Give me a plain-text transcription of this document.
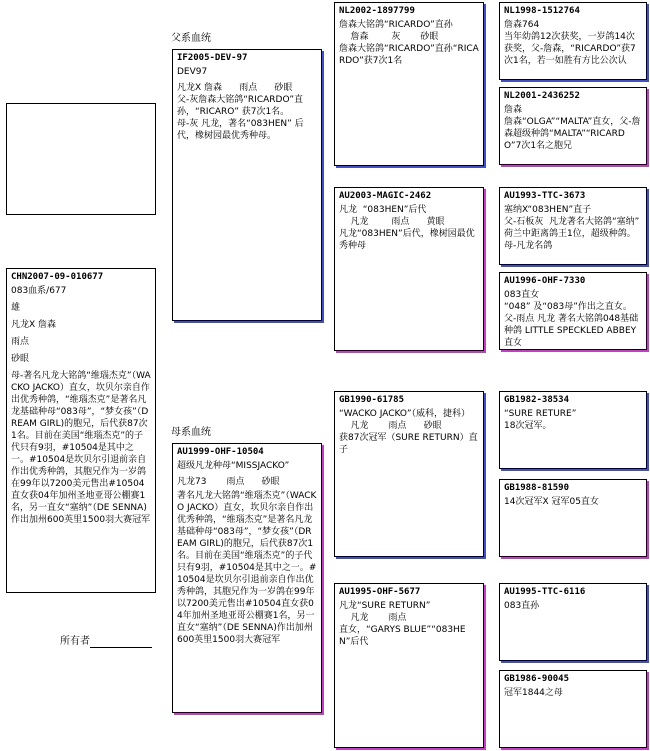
父系血统
母系血统
CHN2007-09-010677
083血系/677
雄
凡龙X 詹森
雨点
砂眼
母-著名凡龙大铭鸽“维瑙杰克”（WACKO JACKO）直女，坎贝尔亲自作出优秀种鸽，“维瑙杰克”是著名凡龙基础种母“083母”，“梦女孩”（DREAM GIRL)的胞兄，后代获87次1名。目前在美国“维瑙杰克”的子代只有9羽，#10504是其中之一。#10504是坎贝尔引退前亲自作出优秀种鸽，其胞兄作为一岁鸽在99年以7200美元售出#10504直女获04年加州圣地亚哥公棚赛1名，另一直女“塞纳”（DE SENNA)作出加州600英里1500羽大赛冠军
所有者
IF2005-DEV-97
DEV97
凡龙X 詹森      雨点      砂眼
父-灰詹森大铭鸽“RICARDO”直孙，“RICARO” 获7次1名。
母-灰 凡龙，著名“083HEN” 后代，橡树园最优秀种母。
AU1999-OHF-10504
超级凡龙种母“MISSJACKO”
凡龙73       雨点      砂眼
著名凡龙大铭鸽“维瑙杰克”（WACKO JACKO）直女，坎贝尔亲自作出优秀种鸽，“维瑙杰克”是著名凡龙基础种母“083母”，“梦女孩”（DREAM GIRL)的胞兄，后代获87次1名。目前在美国“维瑙杰克”的子代只有9羽，#10504是其中之一。#10504是坎贝尔引退前亲自作出优秀种鸽，其胞兄作为一岁鸽在99年以7200美元售出#10504直女获04年加州圣地亚哥公棚赛1名，另一直女“塞纳”（DE SENNA)作出加州600英里1500羽大赛冠军
NL2002-1897799
詹森大铭鸽“RICARDO”直孙
詹森        灰       砂眼
詹森大铭鸽“RICARDO”直孙“RICARDO”获7次1名
AU2003-MAGIC-2462
凡龙  “083HEN”后代
凡龙        雨点      黄眼
凡龙“083HEN”后代，橡树园最优秀种母
GB1990-61785
“WACKO JACKO”（威科，捷科）
凡龙       雨点      砂眼
获87次冠军（SURE RETURN）直子
AU1995-OHF-5677
凡龙“SURE RETURN”
凡龙       雨点
直女，“GARYS BLUE”“083HEN”后代
NL1998-1512764
詹森764
当年幼鸽12次获奖，一岁鸽14次获奖，父-詹森，“RICARDO”获7次1名，若一如胜有方比公次认
NL2001-2436252
詹森
詹森“OLGA”“MALTA”直女，父-詹森超级种鸽“MALTA”“RICARDO”7次1名之胞兄
AU1993-TTC-3673
塞纳X“083HEN”直子
父-石板灰  凡龙著名大铭鸽“塞纳” 荷兰中距离鸽王1位，超级种鸽。母-凡龙名鸽
AU1996-OHF-7330
083直女
“048” 及“083母”作出之直女。父-雨点 凡龙 著名大铭鸽048基础种鸽 LITTLE SPECKLED ABBEY 直女
GB1982-38534
“SURE RETURE”
18次冠军。
GB1988-81590
14次冠军X 冠军05直女
AU1995-TTC-6116
083直孙
GB1986-90045
冠军1844之母
